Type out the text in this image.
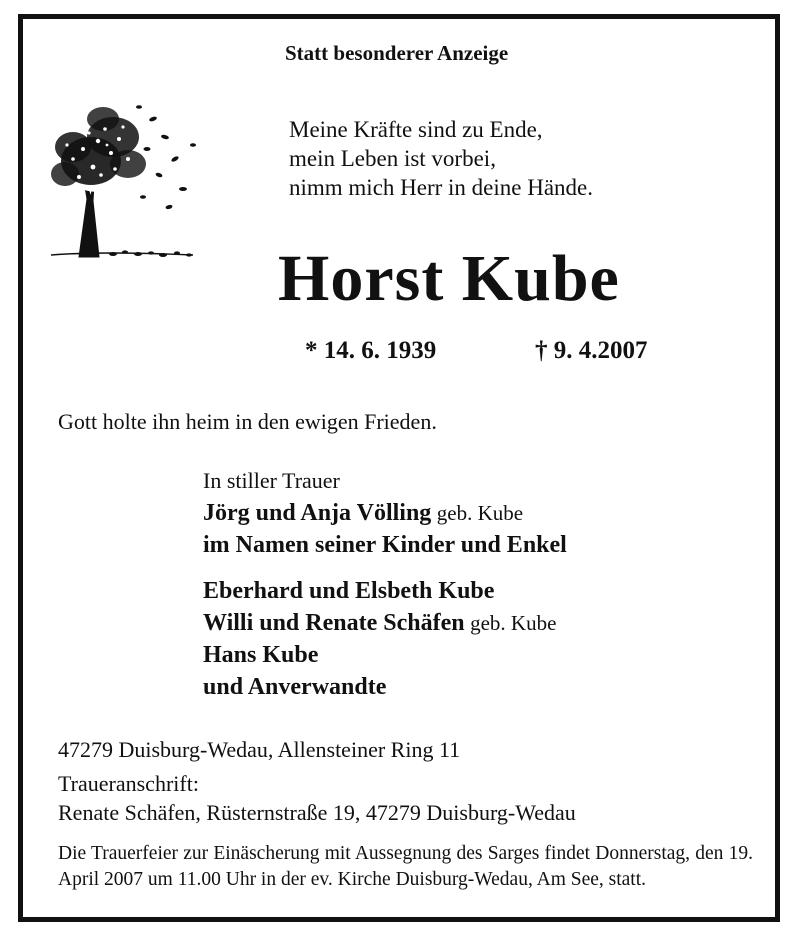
Statt besonderer Anzeige

Meine Kräfte sind zu Ende,
mein Leben ist vorbei,
nimm mich Herr in deine Hände.

Horst Kube

* 14. 6. 1939	† 9. 4.2007

Gott holte ihn heim in den ewigen Frieden.

In stiller Trauer
Jörg und Anja Völling geb. Kube
im Namen seiner Kinder und Enkel
Eberhard und Elsbeth Kube
Willi und Renate Schäfen geb. Kube
Hans Kube
und Anverwandte

47279 Duisburg-Wedau, Allensteiner Ring 11

Traueranschrift:
Renate Schäfen, Rüsternstraße 19, 47279 Duisburg-Wedau

Die Trauerfeier zur Einäscherung mit Aussegnung des Sarges findet Donnerstag, den 19. April 2007 um 11.00 Uhr in der ev. Kirche Duisburg-Wedau, Am See, statt.
